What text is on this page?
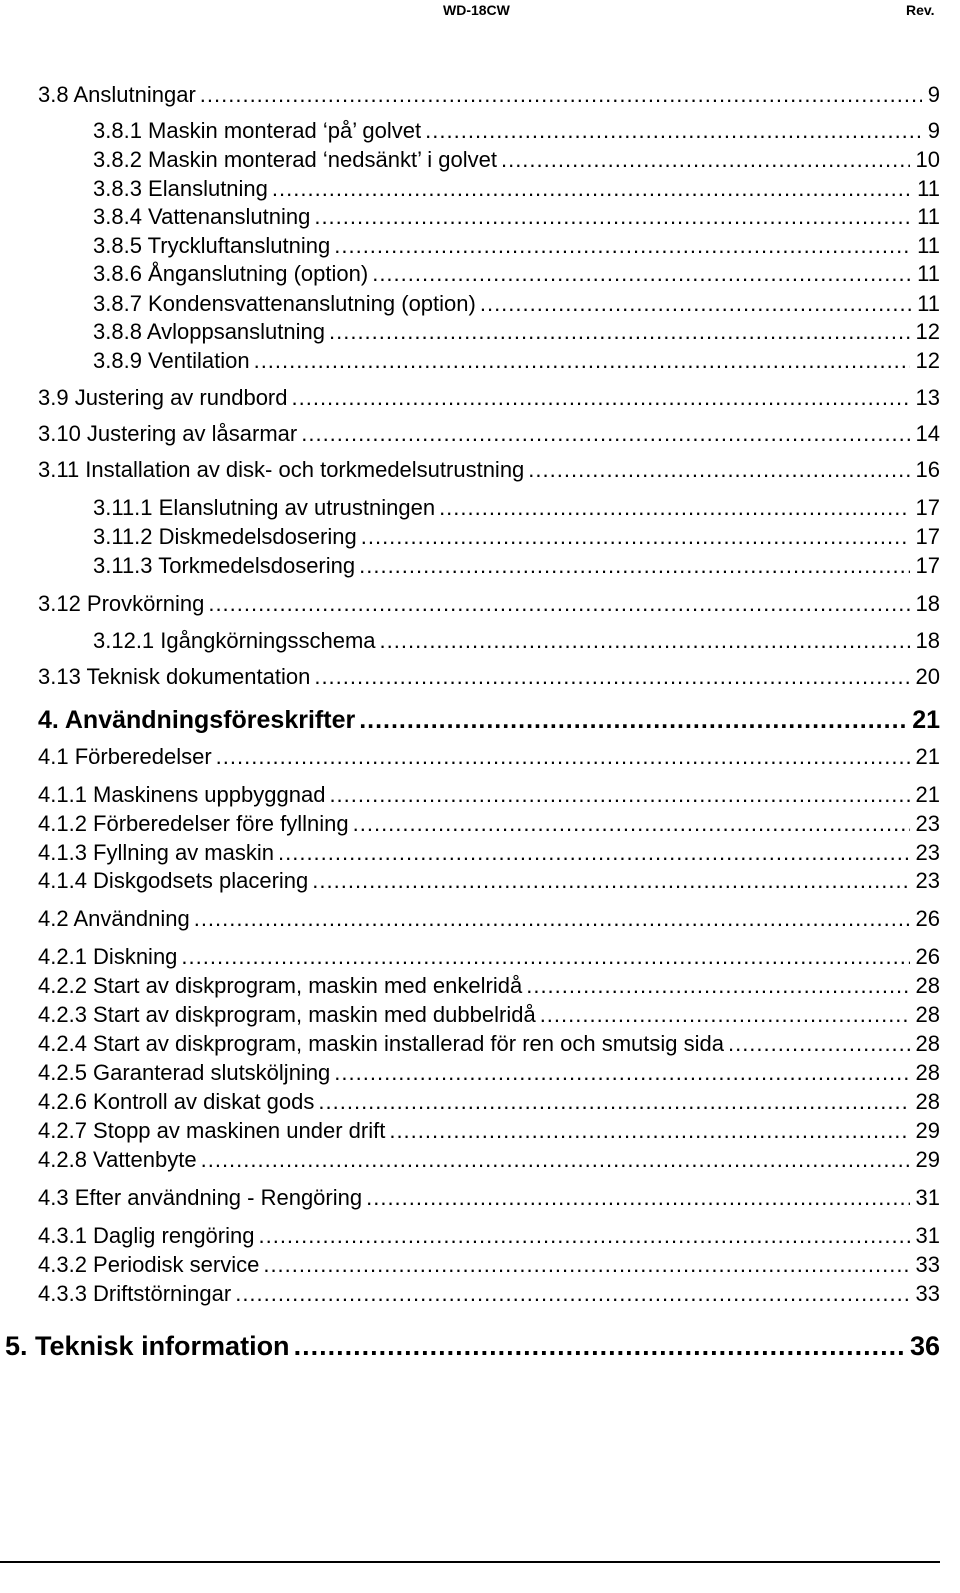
WD-18CW	Rev.
3.8 Anslutningar .....	9
3.8.1 Maskin monterad ‘på’ golvet .....	9
3.8.2 Maskin monterad ‘nedsänkt’ i golvet .....	10
3.8.3 Elanslutning .....	11
3.8.4 Vattenanslutning .....	11
3.8.5 Tryckluftanslutning .....	11
3.8.6 Ånganslutning (option) .....	11
3.8.7 Kondensvattenanslutning (option) .....	11
3.8.8 Avloppsanslutning .....	12
3.8.9 Ventilation .....	12
3.9 Justering av rundbord .....	13
3.10 Justering av låsarmar .....	14
3.11 Installation av disk- och torkmedelsutrustning .....	16
3.11.1 Elanslutning av utrustningen .....	17
3.11.2 Diskmedelsdosering .....	17
3.11.3 Torkmedelsdosering .....	17
3.12 Provkörning .....	18
3.12.1 Igångkörningsschema .....	18
3.13 Teknisk dokumentation .....	20
4. Användningsföreskrifter .....	21
4.1 Förberedelser .....	21
4.1.1 Maskinens uppbyggnad .....	21
4.1.2 Förberedelser före fyllning .....	23
4.1.3 Fyllning av maskin .....	23
4.1.4 Diskgodsets placering .....	23
4.2 Användning .....	26
4.2.1 Diskning .....	26
4.2.2 Start av diskprogram, maskin med enkelridå .....	28
4.2.3 Start av diskprogram, maskin med dubbelridå .....	28
4.2.4 Start av diskprogram, maskin installerad för ren och smutsig sida .....	28
4.2.5 Garanterad slutsköljning .....	28
4.2.6 Kontroll av diskat gods .....	28
4.2.7 Stopp av maskinen under drift .....	29
4.2.8 Vattenbyte .....	29
4.3 Efter användning - Rengöring .....	31
4.3.1 Daglig rengöring .....	31
4.3.2 Periodisk service .....	33
4.3.3 Driftstörningar .....	33
5. Teknisk information .....	36
